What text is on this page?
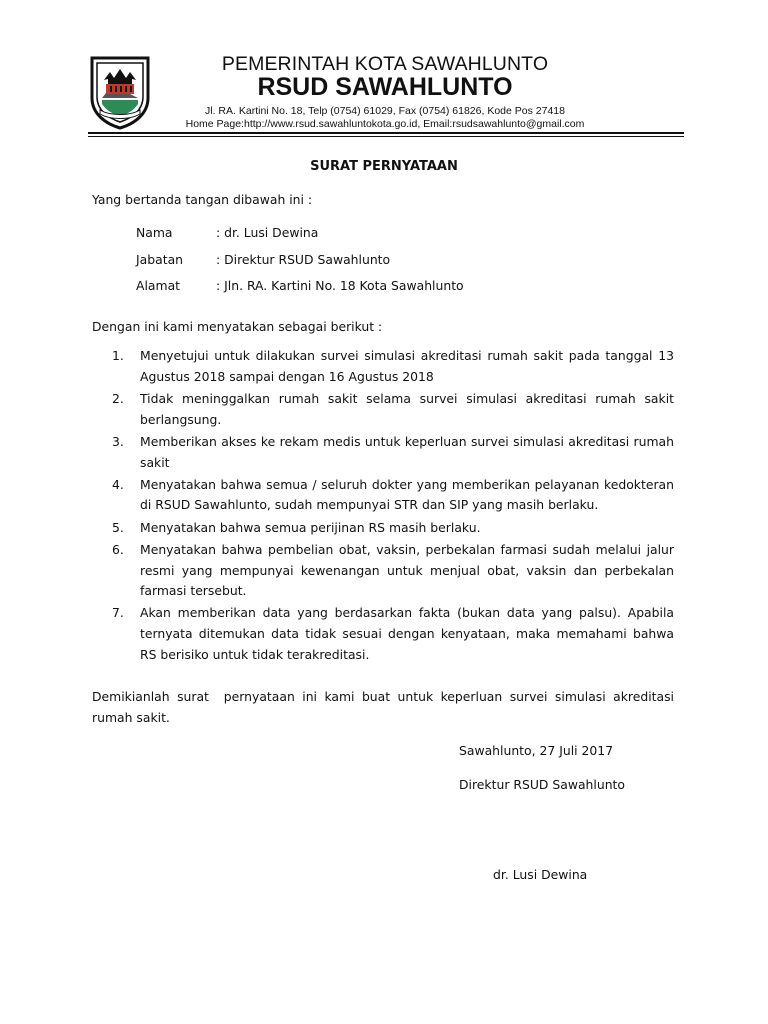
PEMERINTAH KOTA SAWAHLUNTO
RSUD SAWAHLUNTO
Jl. RA. Kartini No. 18, Telp (0754) 61029, Fax (0754) 61826, Kode Pos 27418
Home Page:http://www.rsud.sawahluntokota.go.id, Email:rsudsawahlunto@gmail.com
SURAT PERNYATAAN
Yang bertanda tangan dibawah ini :
Nama	: dr. Lusi Dewina
Jabatan	: Direktur RSUD Sawahlunto
Alamat	: Jln. RA. Kartini No. 18 Kota Sawahlunto
Dengan ini kami menyatakan sebagai berikut :
1. Menyetujui untuk dilakukan survei simulasi akreditasi rumah sakit pada tanggal 13 Agustus 2018 sampai dengan 16 Agustus 2018
2. Tidak meninggalkan rumah sakit selama survei simulasi akreditasi rumah sakit berlangsung.
3. Memberikan akses ke rekam medis untuk keperluan survei simulasi akreditasi rumah sakit
4. Menyatakan bahwa semua / seluruh dokter yang memberikan pelayanan kedokteran di RSUD Sawahlunto, sudah mempunyai STR dan SIP yang masih berlaku.
5. Menyatakan bahwa semua perijinan RS masih berlaku.
6. Menyatakan bahwa pembelian obat, vaksin, perbekalan farmasi sudah melalui jalur resmi yang mempunyai kewenangan untuk menjual obat, vaksin dan perbekalan farmasi tersebut.
7. Akan memberikan data yang berdasarkan fakta (bukan data yang palsu). Apabila ternyata ditemukan data tidak sesuai dengan kenyataan, maka memahami bahwa RS berisiko untuk tidak terakreditasi.
Demikianlah surat  pernyataan ini kami buat untuk keperluan survei simulasi akreditasi rumah sakit.
Sawahlunto, 27 Juli 2017
Direktur RSUD Sawahlunto
dr. Lusi Dewina
